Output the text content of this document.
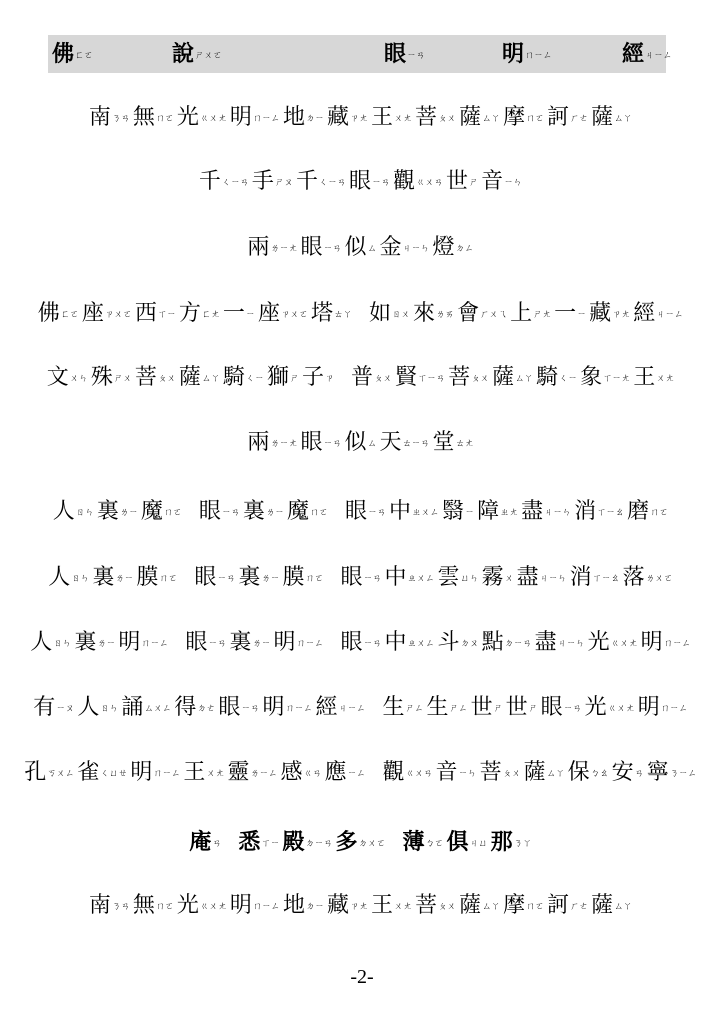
佛ㄈㄛ	說ㄕㄨㄛ	眼ㄧㄢ	明ㄇㄧㄥ	經ㄐㄧㄥ
南ㄋㄢ 無ㄇㄛ 光ㄍㄨㄤ 明ㄇㄧㄥ 地ㄉㄧ 藏ㄗㄤ 王ㄨㄤ 菩ㄆㄨ 薩ㄙㄚ 摩ㄇㄛ 訶ㄏㄜ 薩ㄙㄚ
千ㄑㄧㄢ 手ㄕㄡ 千ㄑㄧㄢ 眼ㄧㄢ 觀ㄍㄨㄢ 世ㄕ 音ㄧㄣ
兩ㄌㄧㄤ 眼ㄧㄢ 似ㄙ 金ㄐㄧㄣ 燈ㄉㄥ
佛ㄈㄛ 座ㄗㄨㄛ 西ㄒㄧ 方ㄈㄤ 一ㄧ 座ㄗㄨㄛ 塔ㄊㄚ 如ㄖㄨ 來ㄌㄞ 會ㄏㄨㄟ 上ㄕㄤ 一ㄧ 藏ㄗㄤ 經ㄐㄧㄥ
文ㄨㄣ 殊ㄕㄨ 菩ㄆㄨ 薩ㄙㄚ 騎ㄑㄧ 獅ㄕ 子ㄗ 普ㄆㄨ 賢ㄒㄧㄢ 菩ㄆㄨ 薩ㄙㄚ 騎ㄑㄧ 象ㄒㄧㄤ 王ㄨㄤ
兩ㄌㄧㄤ 眼ㄧㄢ 似ㄙ 天ㄊㄧㄢ 堂ㄊㄤ
人ㄖㄣ 裏ㄌㄧ 魔ㄇㄛ 眼ㄧㄢ 裏ㄌㄧ 魔ㄇㄛ 眼ㄧㄢ 中ㄓㄨㄥ 翳ㄧ 障ㄓㄤ 盡ㄐㄧㄣ 消ㄒㄧㄠ 磨ㄇㄛ
人ㄖㄣ 裏ㄌㄧ 膜ㄇㄛ 眼ㄧㄢ 裏ㄌㄧ 膜ㄇㄛ 眼ㄧㄢ 中ㄓㄨㄥ 雲ㄩㄣ 霧ㄨ 盡ㄐㄧㄣ 消ㄒㄧㄠ 落ㄌㄨㄛ
人ㄖㄣ 裏ㄌㄧ 明ㄇㄧㄥ 眼ㄧㄢ 裏ㄌㄧ 明ㄇㄧㄥ 眼ㄧㄢ 中ㄓㄨㄥ 斗ㄉㄡ 點ㄉㄧㄢ 盡ㄐㄧㄣ 光ㄍㄨㄤ 明ㄇㄧㄥ
有ㄧㄡ 人ㄖㄣ 誦ㄙㄨㄥ 得ㄉㄜ 眼ㄧㄢ 明ㄇㄧㄥ 經ㄐㄧㄥ 生ㄕㄥ 生ㄕㄥ 世ㄕ 世ㄕ 眼ㄧㄢ 光ㄍㄨㄤ 明ㄇㄧㄥ
孔ㄎㄨㄥ 雀ㄑㄩㄝ 明ㄇㄧㄥ 王ㄨㄤ 靈ㄌㄧㄥ 感ㄍㄢ 應ㄧㄥ 觀ㄍㄨㄢ 音ㄧㄣ 菩ㄆㄨ 薩ㄙㄚ 保ㄅㄠ 安ㄢ 寧ㄋㄧㄥ
庵ㄢ 悉ㄒㄧ 殿ㄉㄧㄢ 多ㄉㄨㄛ 薄ㄅㄛ 俱ㄐㄩ 那ㄋㄚ
南ㄋㄢ 無ㄇㄛ 光ㄍㄨㄤ 明ㄇㄧㄥ 地ㄉㄧ 藏ㄗㄤ 王ㄨㄤ 菩ㄆㄨ 薩ㄙㄚ 摩ㄇㄛ 訶ㄏㄜ 薩ㄙㄚ
-2-
